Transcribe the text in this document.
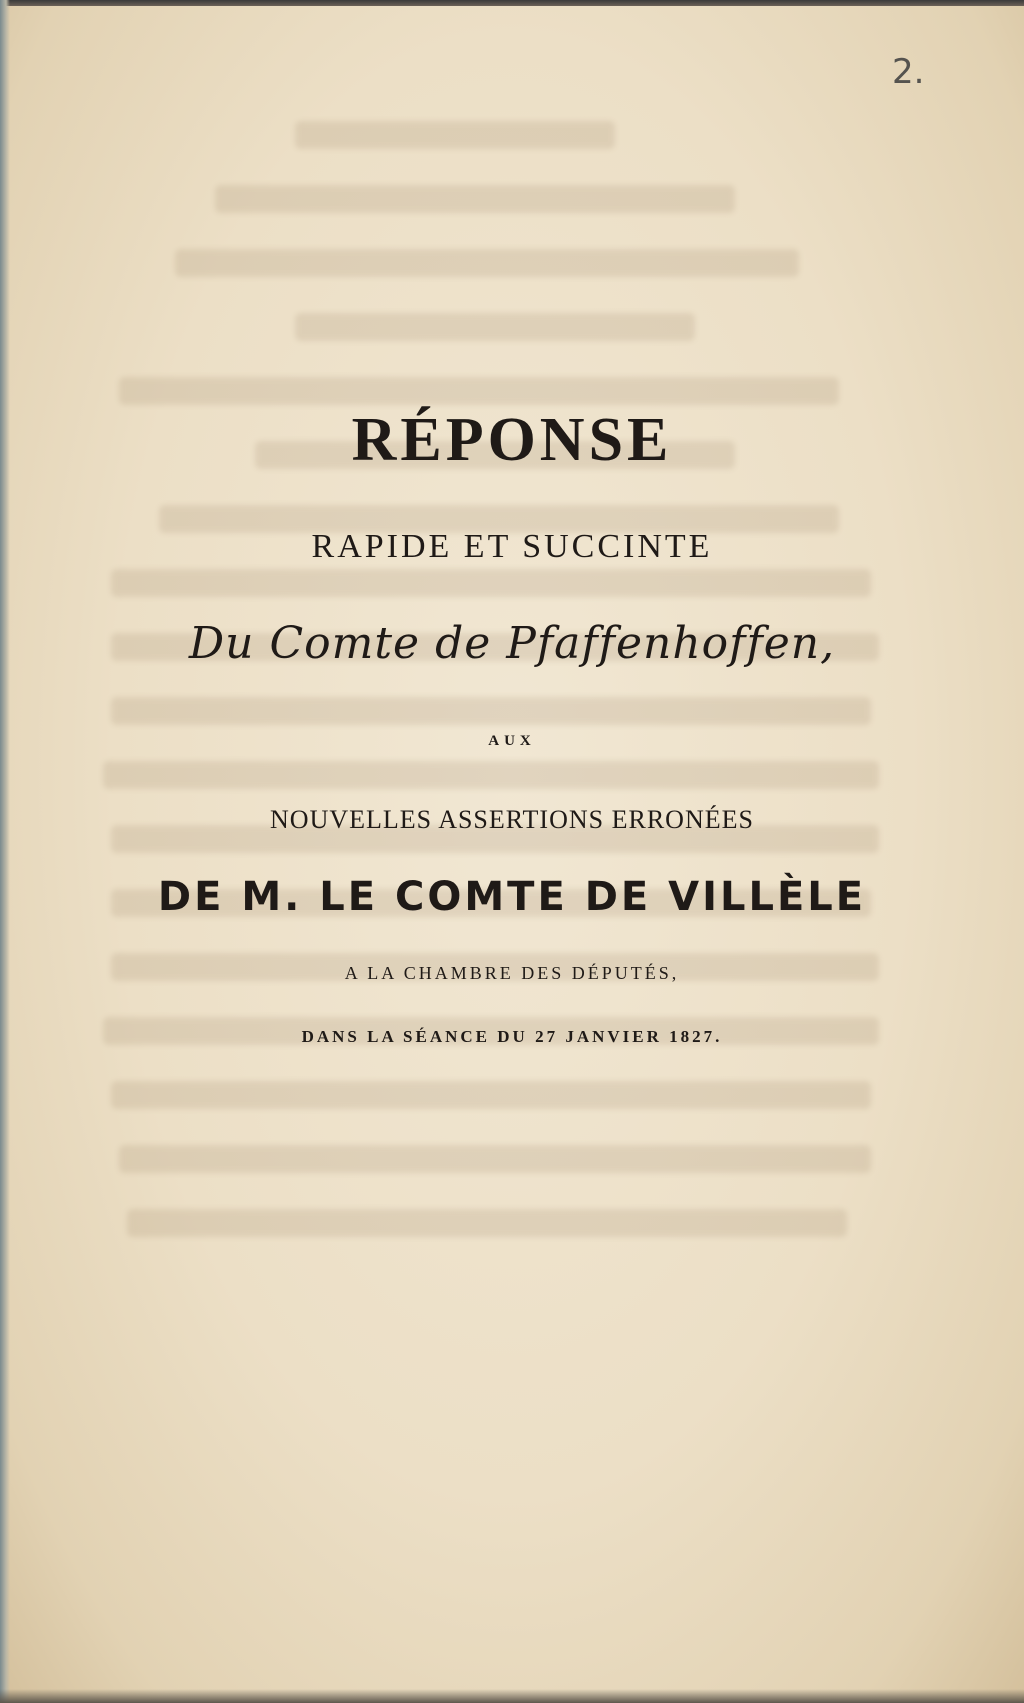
2.
RÉPONSE
RAPIDE ET SUCCINTE
Du Comte de Pfaffenhoffen,
AUX
NOUVELLES ASSERTIONS ERRONÉES
DE M. LE COMTE DE VILLÈLE
A LA CHAMBRE DES DÉPUTÉS,
DANS LA SÉANCE DU 27 JANVIER 1827.
